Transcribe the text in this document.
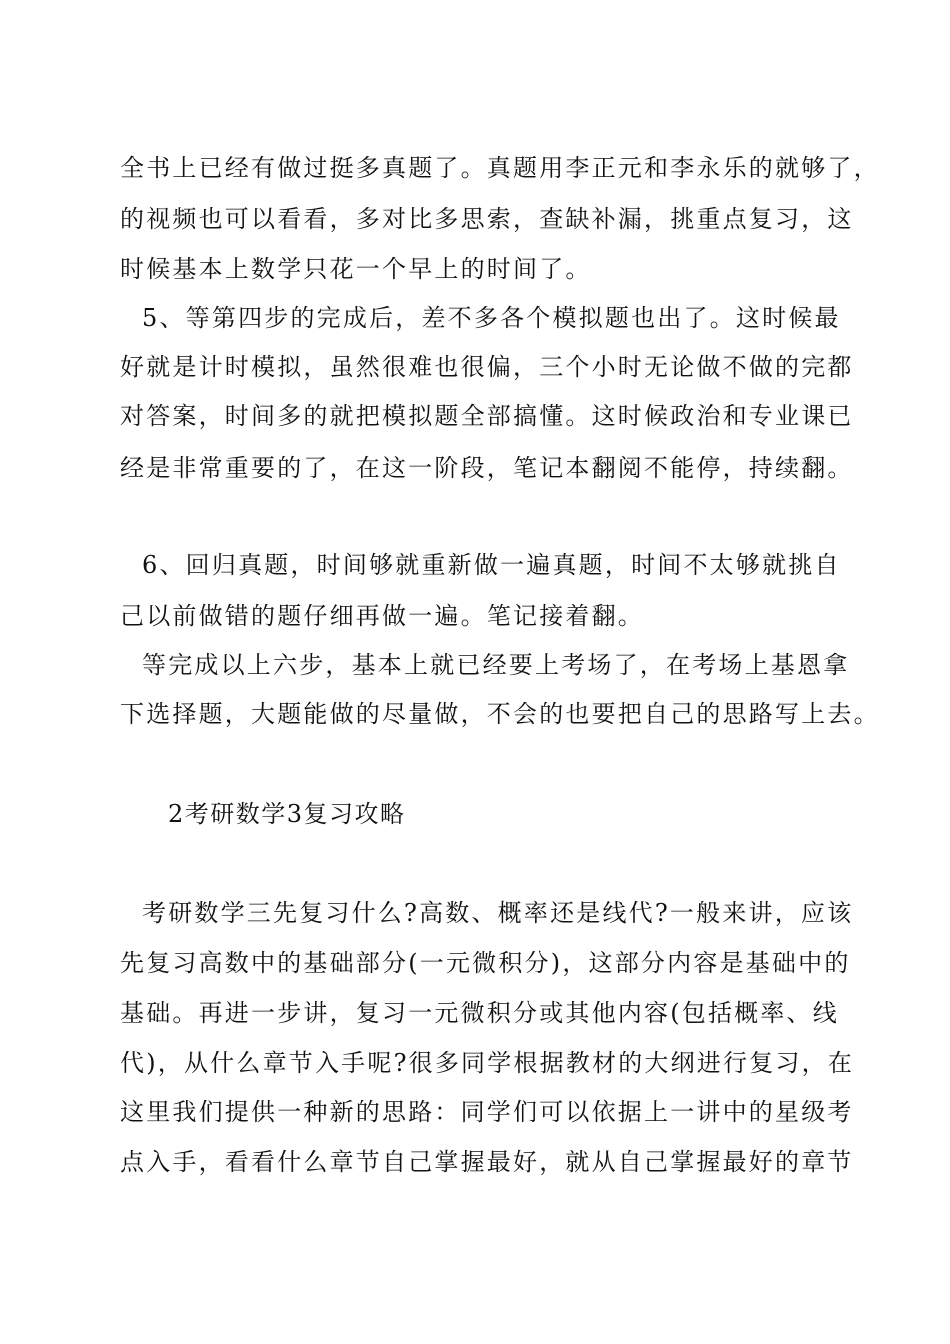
全书上已经有做过挺多真题了。真题用李正元和李永乐的就够了，
的视频也可以看看，多对比多思索，查缺补漏，挑重点复习，这
时候基本上数学只花一个早上的时间了。
5、等第四步的完成后，差不多各个模拟题也出了。这时候最
好就是计时模拟，虽然很难也很偏，三个小时无论做不做的完都
对答案，时间多的就把模拟题全部搞懂。这时候政治和专业课已
经是非常重要的了，在这一阶段，笔记本翻阅不能停，持续翻。
6、回归真题，时间够就重新做一遍真题，时间不太够就挑自
己以前做错的题仔细再做一遍。笔记接着翻。
等完成以上六步，基本上就已经要上考场了，在考场上基恩拿
下选择题，大题能做的尽量做，不会的也要把自己的思路写上去。
2考研数学3复习攻略
考研数学三先复习什么?高数、概率还是线代?一般来讲，应该
先复习高数中的基础部分(一元微积分)，这部分内容是基础中的
基础。再进一步讲，复习一元微积分或其他内容(包括概率、线
代)，从什么章节入手呢?很多同学根据教材的大纲进行复习，在
这里我们提供一种新的思路：同学们可以依据上一讲中的星级考
点入手，看看什么章节自己掌握最好，就从自己掌握最好的章节
